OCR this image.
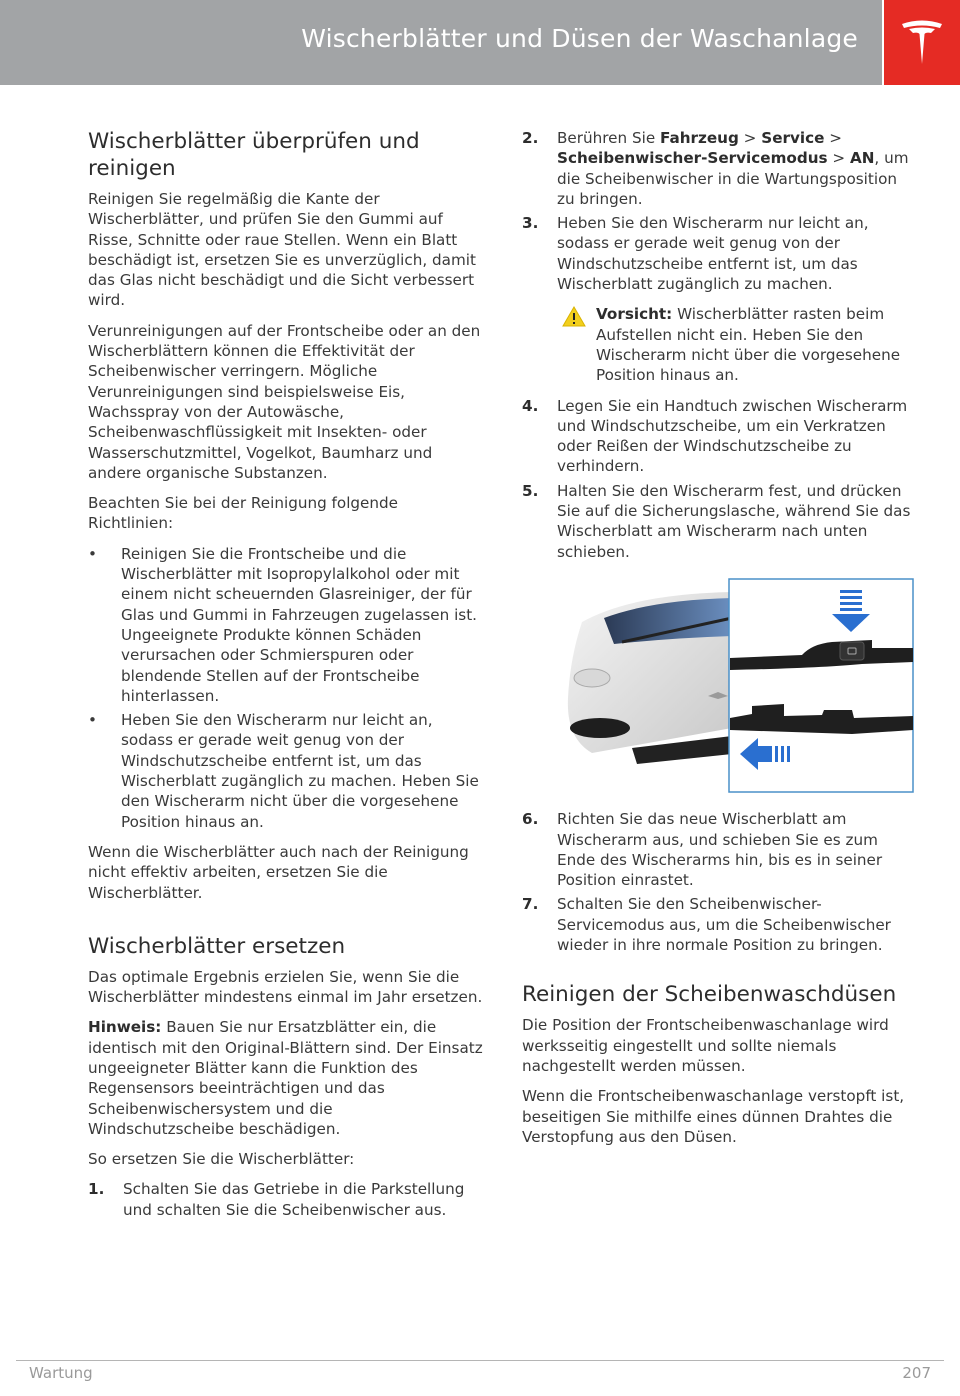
Wischerblätter und Düsen der Waschanlage
Wischerblätter überprüfen und reinigen

Reinigen Sie regelmäßig die Kante der Wischerblätter, und prüfen Sie den Gummi auf Risse, Schnitte oder raue Stellen. Wenn ein Blatt beschädigt ist, ersetzen Sie es unverzüglich, damit das Glas nicht beschädigt und die Sicht verbessert wird.

Verunreinigungen auf der Frontscheibe oder an den Wischerblättern können die Effektivität der Scheibenwischer verringern. Mögliche Verunreinigungen sind beispielsweise Eis, Wachsspray von der Autowäsche, Scheibenwaschflüssigkeit mit Insekten- oder Wasserschutzmittel, Vogelkot, Baumharz und andere organische Substanzen.

Beachten Sie bei der Reinigung folgende Richtlinien:

• Reinigen Sie die Frontscheibe und die Wischerblätter mit Isopropylalkohol oder mit einem nicht scheuernden Glasreiniger, der für Glas und Gummi in Fahrzeugen zugelassen ist. Ungeeignete Produkte können Schäden verursachen oder Schmierspuren oder blendende Stellen auf der Frontscheibe hinterlassen.
• Heben Sie den Wischerarm nur leicht an, sodass er gerade weit genug von der Windschutzscheibe entfernt ist, um das Wischerblatt zugänglich zu machen. Heben Sie den Wischerarm nicht über die vorgesehene Position hinaus an.

Wenn die Wischerblätter auch nach der Reinigung nicht effektiv arbeiten, ersetzen Sie die Wischerblätter.

Wischerblätter ersetzen

Das optimale Ergebnis erzielen Sie, wenn Sie die Wischerblätter mindestens einmal im Jahr ersetzen.

Hinweis: Bauen Sie nur Ersatzblätter ein, die identisch mit den Original-Blättern sind. Der Einsatz ungeeigneter Blätter kann die Funktion des Regensensors beeinträchtigen und das Scheibenwischersystem und die Windschutzscheibe beschädigen.

So ersetzen Sie die Wischerblätter:

1. Schalten Sie das Getriebe in die Parkstellung und schalten Sie die Scheibenwischer aus.
2. Berühren Sie Fahrzeug > Service > Scheibenwischer-Servicemodus > AN, um die Scheibenwischer in die Wartungsposition zu bringen.
3. Heben Sie den Wischerarm nur leicht an, sodass er gerade weit genug von der Windschutzscheibe entfernt ist, um das Wischerblatt zugänglich zu machen.
Vorsicht: Wischerblätter rasten beim Aufstellen nicht ein. Heben Sie den Wischerarm nicht über die vorgesehene Position hinaus an.
4. Legen Sie ein Handtuch zwischen Wischerarm und Windschutzscheibe, um ein Verkratzen oder Reißen der Windschutzscheibe zu verhindern.
5. Halten Sie den Wischerarm fest, und drücken Sie auf die Sicherungslasche, während Sie das Wischerblatt am Wischerarm nach unten schieben.
6. Richten Sie das neue Wischerblatt am Wischerarm aus, und schieben Sie es zum Ende des Wischerarms hin, bis es in seiner Position einrastet.
7. Schalten Sie den Scheibenwischer-Servicemodus aus, um die Scheibenwischer wieder in ihre normale Position zu bringen.
Reinigen der Scheibenwaschdüsen

Die Position der Frontscheibenwaschanlage wird werksseitig eingestellt und sollte niemals nachgestellt werden müssen.

Wenn die Frontscheibenwaschanlage verstopft ist, beseitigen Sie mithilfe eines dünnen Drahtes die Verstopfung aus den Düsen.

Wartung	207
